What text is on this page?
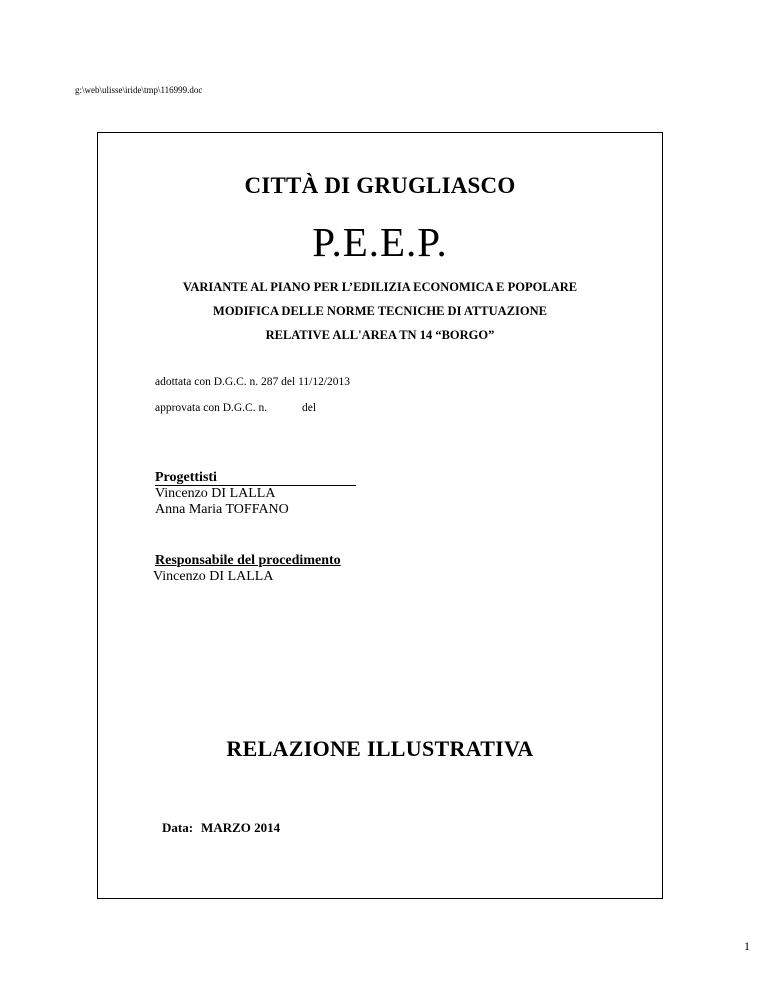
g:\web\ulisse\iride\tmp\116999.doc
CITTÀ DI GRUGLIASCO
P.E.E.P.
VARIANTE AL PIANO PER L’EDILIZIA ECONOMICA E POPOLARE
MODIFICA DELLE NORME TECNICHE DI ATTUAZIONE
RELATIVE ALL'AREA TN 14 “BORGO”
adottata con D.G.C. n. 287 del 11/12/2013
approvata con D.G.C. n.	del
Progettisti
Vincenzo DI LALLA
Anna Maria TOFFANO
Responsabile del procedimento
Vincenzo DI LALLA
RELAZIONE ILLUSTRATIVA
Data: MARZO 2014
1
